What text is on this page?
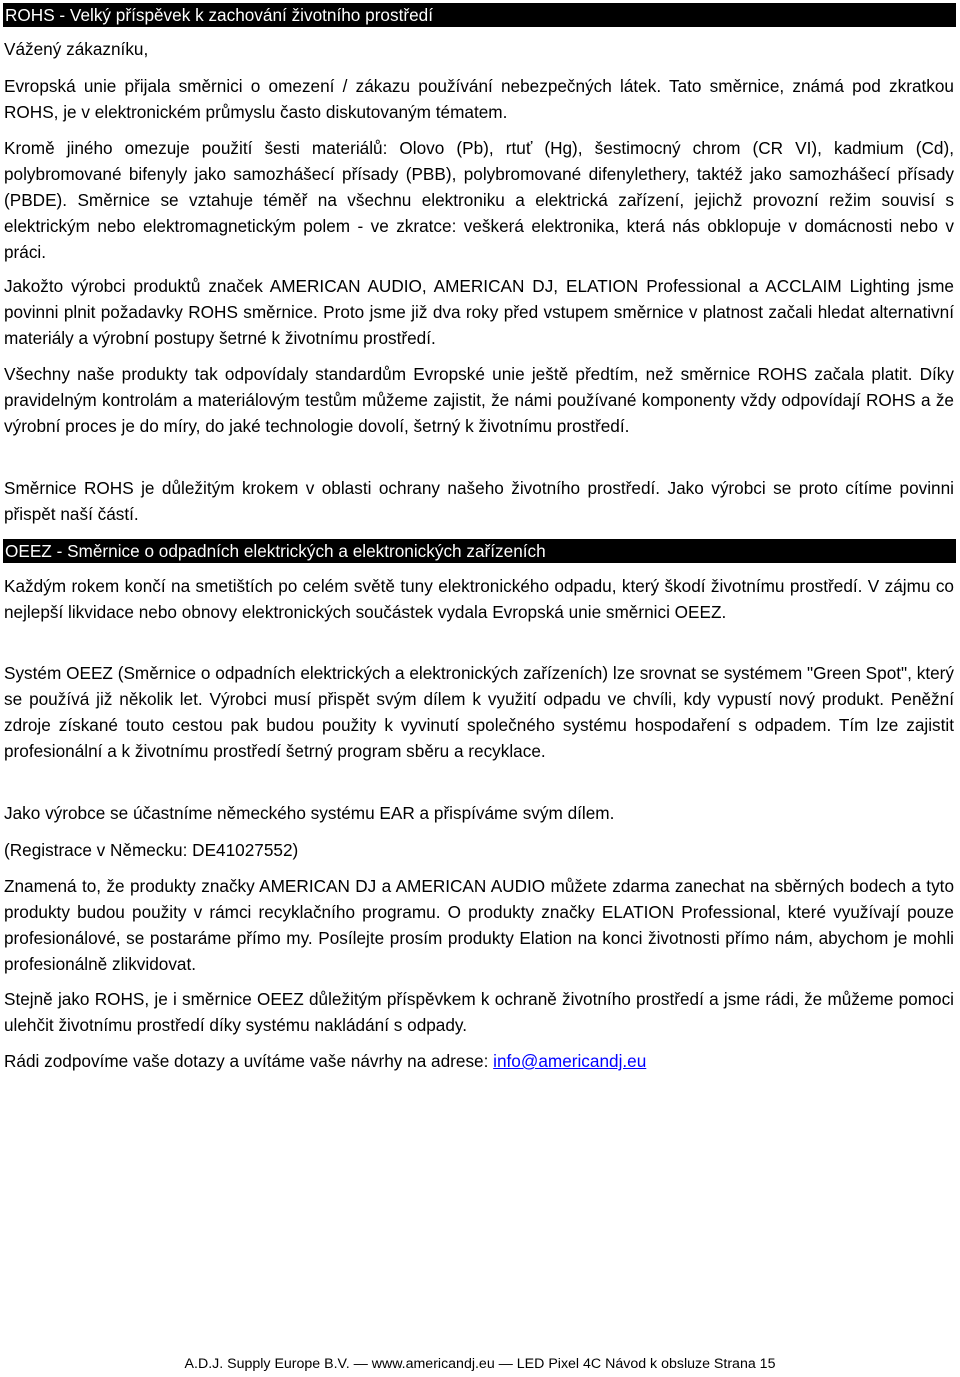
ROHS - Velký příspěvek k zachování životního prostředí

Vážený zákazníku,

Evropská unie přijala směrnici o omezení / zákazu používání nebezpečných látek. Tato směrnice, známá pod zkratkou ROHS, je v elektronickém průmyslu často diskutovaným tématem.

Kromě jiného omezuje použití šesti materiálů: Olovo (Pb), rtuť (Hg), šestimocný chrom (CR VI), kadmium (Cd), polybromované bifenyly jako samozhášecí přísady (PBB), polybromované difenylethery, taktéž jako samozhášecí přísady (PBDE). Směrnice se vztahuje téměř na všechnu elektroniku a elektrická zařízení, jejichž provozní režim souvisí s elektrickým nebo elektromagnetickým polem - ve zkratce: veškerá elektronika, která nás obklopuje v domácnosti nebo v práci.

Jakožto výrobci produktů značek AMERICAN AUDIO, AMERICAN DJ, ELATION Professional a ACCLAIM Lighting jsme povinni plnit požadavky ROHS směrnice. Proto jsme již dva roky před vstupem směrnice v platnost začali hledat alternativní materiály a výrobní postupy šetrné k životnímu prostředí.

Všechny naše produkty tak odpovídaly standardům Evropské unie ještě předtím, než směrnice ROHS začala platit. Díky pravidelným kontrolám a materiálovým testům můžeme zajistit, že námi používané komponenty vždy odpovídají ROHS a že výrobní proces je do míry, do jaké technologie dovolí, šetrný k životnímu prostředí.

Směrnice ROHS je důležitým krokem v oblasti ochrany našeho životního prostředí. Jako výrobci se proto cítíme povinni přispět naší částí.

OEEZ - Směrnice o odpadních elektrických a elektronických zařízeních

Každým rokem končí na smetištích po celém světě tuny elektronického odpadu, který škodí životnímu prostředí. V zájmu co nejlepší likvidace nebo obnovy elektronických součástek vydala Evropská unie směrnici OEEZ.

Systém OEEZ (Směrnice o odpadních elektrických a elektronických zařízeních) lze srovnat se systémem "Green Spot", který se používá již několik let. Výrobci musí přispět svým dílem k využití odpadu ve chvíli, kdy vypustí nový produkt. Peněžní zdroje získané touto cestou pak budou použity k vyvinutí společného systému hospodaření s odpadem. Tím lze zajistit profesionální a k životnímu prostředí šetrný program sběru a recyklace.

Jako výrobce se účastníme německého systému EAR a přispíváme svým dílem.

(Registrace v Německu: DE41027552)

Znamená to, že produkty značky AMERICAN DJ a AMERICAN AUDIO můžete zdarma zanechat na sběrných bodech a tyto produkty budou použity v rámci recyklačního programu. O produkty značky ELATION Professional, které využívají pouze profesionálové, se postaráme přímo my. Posílejte prosím produkty Elation na konci životnosti přímo nám, abychom je mohli profesionálně zlikvidovat.

Stejně jako ROHS, je i směrnice OEEZ důležitým příspěvkem k ochraně životního prostředí a jsme rádi, že můžeme pomoci ulehčit životnímu prostředí díky systému nakládání s odpady.

Rádi zodpovíme vaše dotazy a uvítáme vaše návrhy na adrese: info@americandj.eu

A.D.J. Supply Europe B.V. — www.americandj.eu — LED Pixel 4C Návod k obsluze Strana 15
